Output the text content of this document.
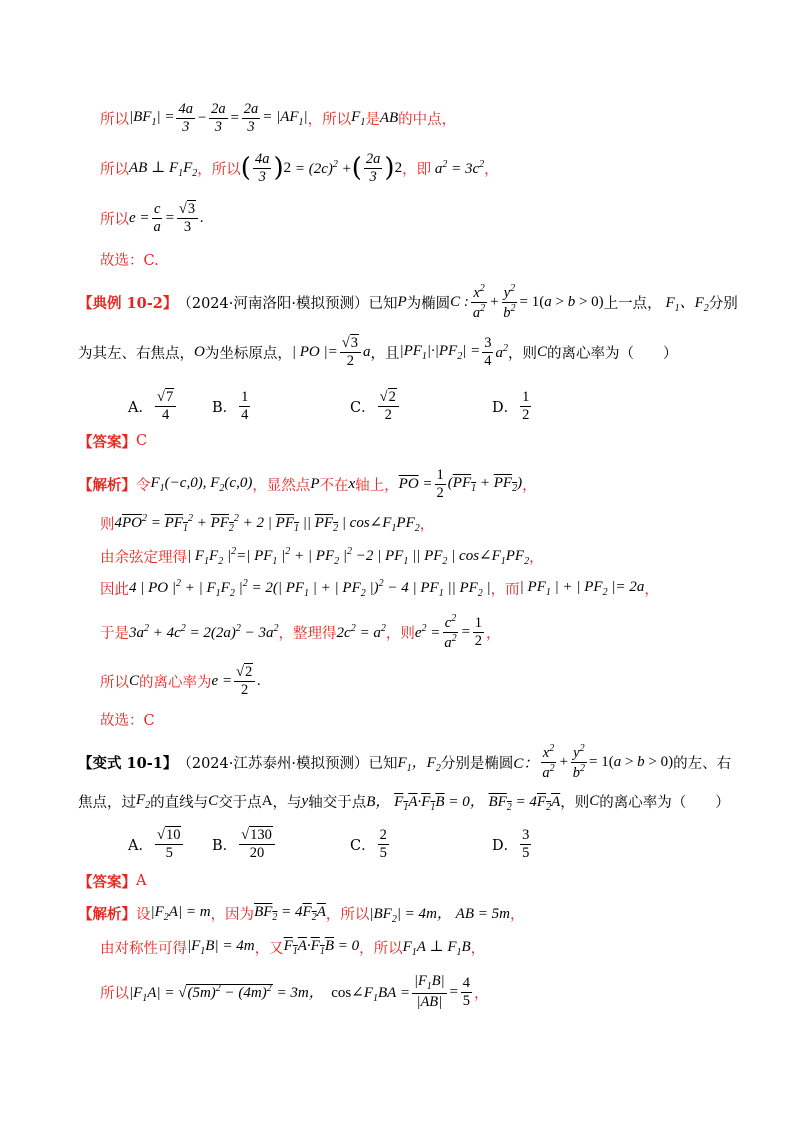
所以 $|BF_1| = \frac{4a}{3} - \frac{2a}{3} = \frac{2a}{3} = |AF_1|$ ，所以 $F_1$ 是 AB 的中点，
所以 AB ⊥ $F_1F_2$ ，所以 ( $\frac{4a}{3}$ ) $2 = (2c)^2$ + ( $\frac{2a}{3}$ ) 2 ，即 $a^2 = 3c^2$ ，
所以 $e = \frac{c}{a} = \frac{√3}{3}$ .
故选：C.
【典例 10-2】 （2024·河南洛阳·模拟预测）已知 P 为椭圆 C : $\frac{x^2}{a^2} + \frac{y^2}{b^2} = 1(a > b > 0)$ 上一点， $F_1$、$F_2$ 分别
为其左、右焦点， O 为坐标原点， | PO |= $\frac{√3}{2}$ a ，且 $|PF_1|\cdot|PF_2| = \frac{3}{4} a^2$ ，则 C 的离心率为（　　）
A． $\frac{√7}{4}$ B． $\frac{1}{4}$	C． $\frac{√2}{2}$	D． $\frac{1}{2}$
【答案】 C
【解析】 令 $F_1(-c,0)$, $F_2(c,0)$ ，显然点 P 不在 x 轴上， $\overline{PO} = \frac{1}{2} (PF_1 + PF_2)$ ，
则 $4\overline{PO}^2 = PF_1^2 + PF_2^2 + 2$ | $PF_1$ || $PF_2$ | $\cos\angle F_1PF_2$ ，
由余弦定理得 | $F_1F_2$ $|^2=|$ $PF_1$ $|^2$ + | $PF_2$ $|^2 -2$ | $PF_1$ || $PF_2$ | $\cos\angle F_1PF_2$ ，
因此 4 | PO $|^2$ + | $F_1F_2$ $|^2 = 2(|$ $PF_1$ | + | $PF_2$ |)$^2$ − 4 | $PF_1$ || $PF_2$ | ，而 | $PF_1$ | + | $PF_2$ |= 2a ，
于是 $3a^2 + 4c^2 = 2(2a)^2 - 3a^2$ ，整理得 $2c^2 = a^2$ ，则 $e^2 = \frac{c^2}{a^2} = \frac{1}{2}$ ，
所以 C 的离心率为 $e = \frac{√2}{2}$ .
故选：C
【变式 10-1】 （2024·江苏泰州·模拟预测）已知 $F_1$，$F_2$ 分别是椭圆 C： $\frac{x^2}{a^2} + \frac{y^2}{b^2} = 1(a > b > 0)$ 的左、右
焦点，过 $F_2$ 的直线与 C 交于点 A ，与 y 轴交于点 B， $F_1A\cdot F_1B = 0$， $BF_2 = 4F_2A$ ，则 C 的离心率为（　　）
A． $\frac{√10}{5}$ B． $\frac{√130}{20}$	C． $\frac{2}{5}$	D． $\frac{3}{5}$
【答案】 A
【解析】 设 $|F_2A| = m$ ，因为 $BF_2 = 4F_2A$ ，所以 $|BF_2| = 4m$， AB = 5m ，
由对称性可得 $|F_1B| = 4m$ ，又 $F_1A\cdot F_1B = 0$ ，所以 $F_1A$ ⊥ $F_1B$ ，
所以 $|F_1A| = √(5m)^2 - (4m)^2 = 3m$，  $\cos\angle F_1BA = \frac{|F_1B|}{|AB|} = \frac{4}{5}$ ，
